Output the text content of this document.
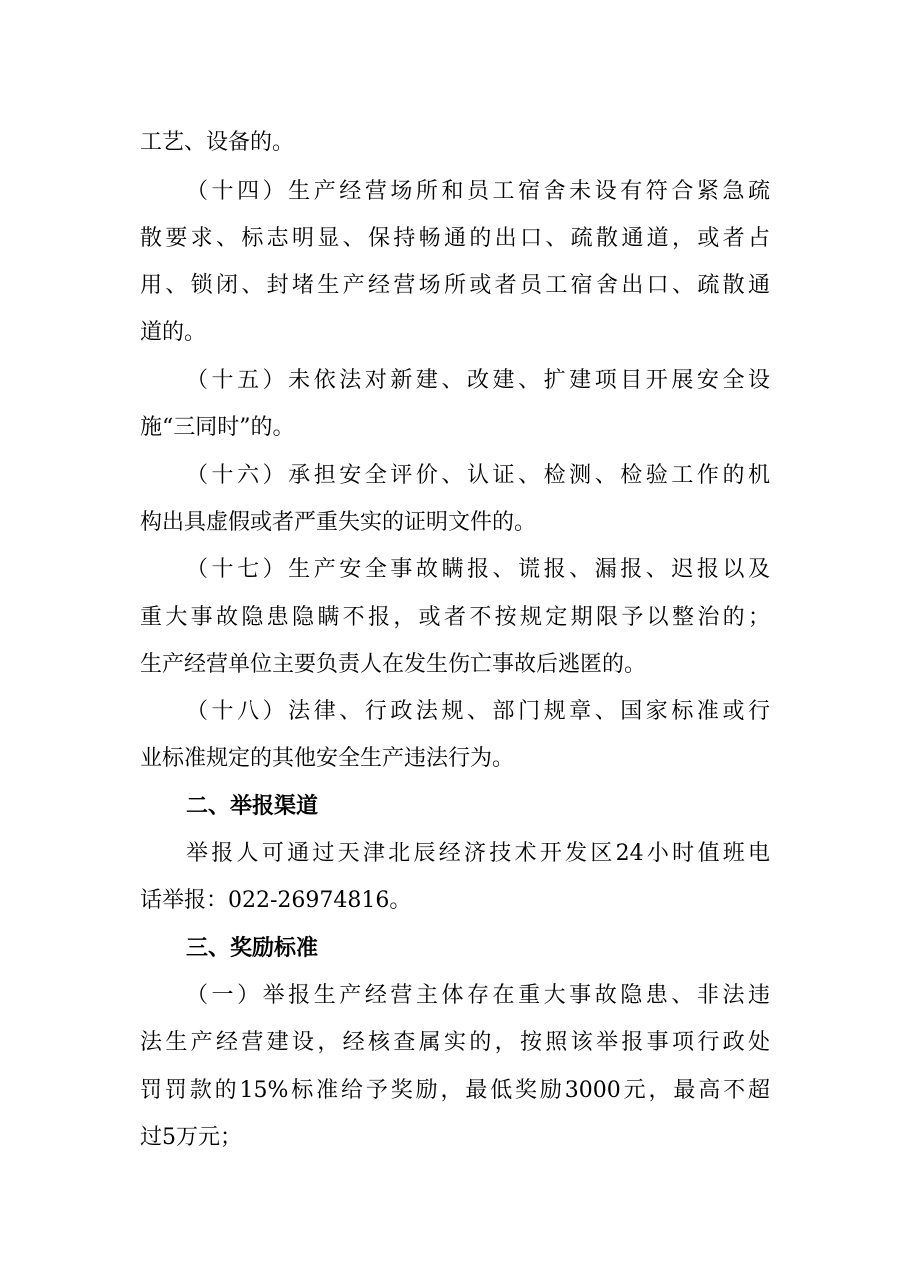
工艺、设备的。
（十四）生产经营场所和员工宿舍未设有符合紧急疏
散要求、标志明显、保持畅通的出口、疏散通道，或者占
用、锁闭、封堵生产经营场所或者员工宿舍出口、疏散通
道的。
（十五）未依法对新建、改建、扩建项目开展安全设
施“三同时”的。
（十六）承担安全评价、认证、检测、检验工作的机
构出具虚假或者严重失实的证明文件的。
（十七）生产安全事故瞒报、谎报、漏报、迟报以及
重大事故隐患隐瞒不报，或者不按规定期限予以整治的；
生产经营单位主要负责人在发生伤亡事故后逃匿的。
（十八）法律、行政法规、部门规章、国家标准或行
业标准规定的其他安全生产违法行为。
二、举报渠道
举报人可通过天津北辰经济技术开发区24小时值班电
话举报：022-26974816。
三、奖励标准
（一）举报生产经营主体存在重大事故隐患、非法违
法生产经营建设，经核查属实的，按照该举报事项行政处
罚罚款的15%标准给予奖励，最低奖励3000元，最高不超
过5万元；
